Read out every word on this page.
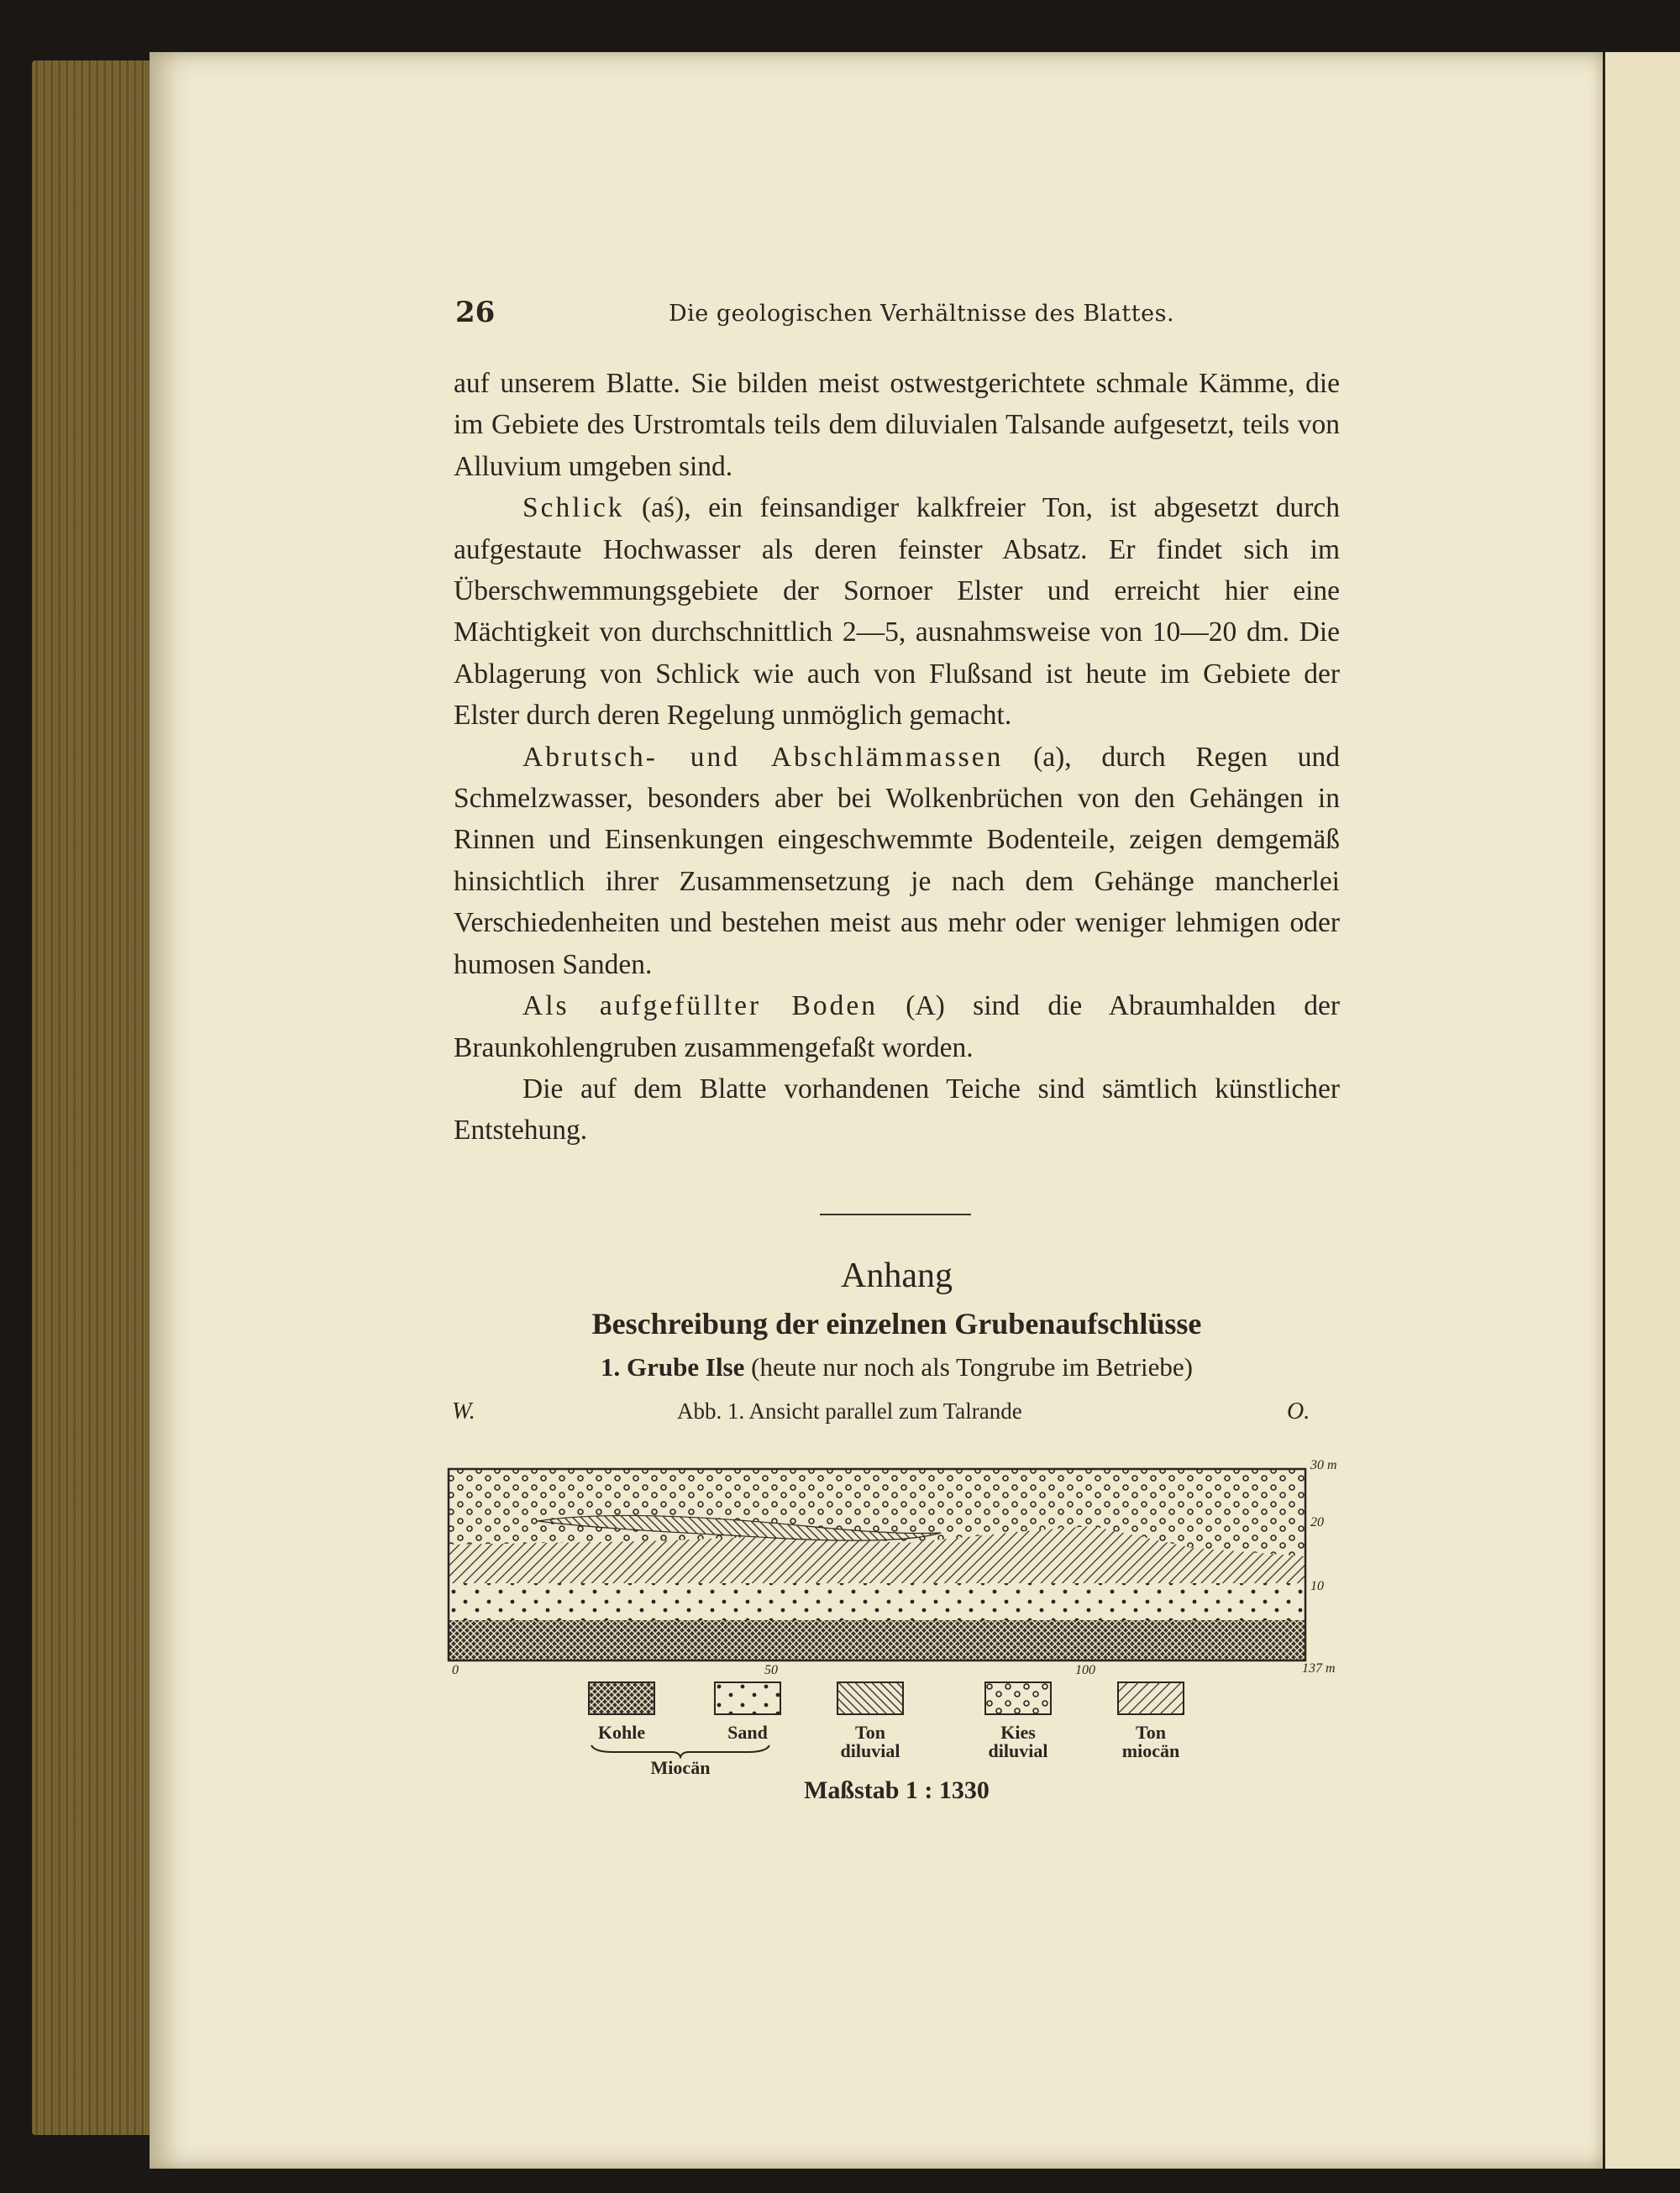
26	Die geologischen Verhältnisse des Blattes.

auf unserem Blatte. Sie bilden meist ostwestgerichtete schmale Kämme, die im Gebiete des Urstromtals teils dem diluvialen Talsande aufgesetzt, teils von Alluvium umgeben sind.

Schlick (aś), ein feinsandiger kalkfreier Ton, ist abgesetzt durch aufgestaute Hochwasser als deren feinster Absatz. Er findet sich im Überschwemmungsgebiete der Sornoer Elster und erreicht hier eine Mächtigkeit von durchschnittlich 2—5, ausnahmsweise von 10—20 dm. Die Ablagerung von Schlick wie auch von Flußsand ist heute im Gebiete der Elster durch deren Regelung unmöglich gemacht.

Abrutsch- und Abschlämmassen (a), durch Regen und Schmelzwasser, besonders aber bei Wolkenbrüchen von den Gehängen in Rinnen und Einsenkungen eingeschwemmte Bodenteile, zeigen demgemäß hinsichtlich ihrer Zusammensetzung je nach dem Gehänge mancherlei Verschiedenheiten und bestehen meist aus mehr oder weniger lehmigen oder humosen Sanden.

Als aufgefüllter Boden (A) sind die Abraumhalden der Braunkohlengruben zusammengefaßt worden.

Die auf dem Blatte vorhandenen Teiche sind sämtlich künstlicher Entstehung.

Anhang
Beschreibung der einzelnen Grubenaufschlüsse
1. Grube Ilse (heute nur noch als Tongrube im Betriebe)
W.	Abb. 1. Ansicht parallel zum Talrande	O.
30 m
20
10
137 m
0	50	100
Kohle	Sand	Ton
diluvial
Kies
diluvial
Ton
miocän
Miocän
Maßstab 1 : 1330
